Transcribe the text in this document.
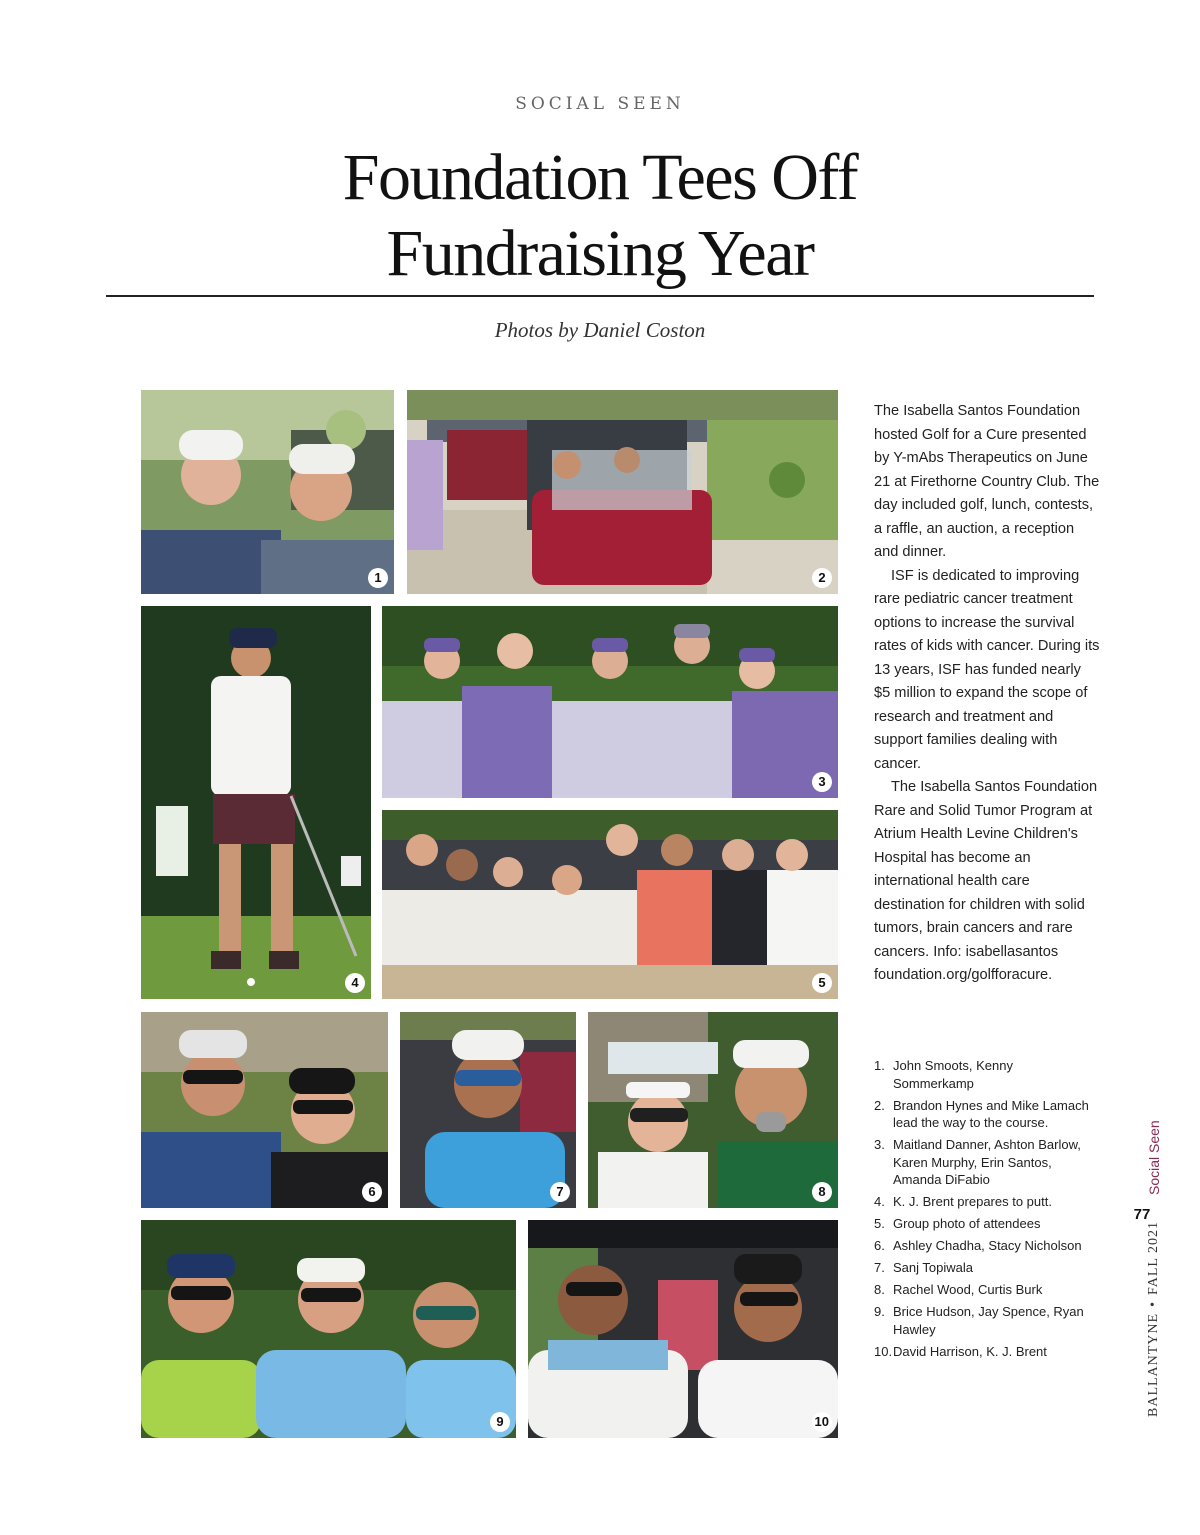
SOCIAL SEEN
Foundation Tees Off
Fundraising Year
Photos by Daniel Coston
1	2
3
4	5
6	7	8
9	10

The Isabella Santos Foundation hosted Golf for a Cure presented by Y-mAbs Therapeutics on June 21 at Firethorne Country Club. The day included golf, lunch, contests, a raffle, an auction, a reception and dinner.

ISF is dedicated to improving rare pediatric cancer treatment options to increase the survival rates of kids with cancer. During its 13 years, ISF has funded nearly $5 million to expand the scope of research and treatment and support families dealing with cancer.

The Isabella Santos Foundation Rare and Solid Tumor Program at Atrium Health Levine Children's Hospital has become an international health care destination for children with solid tumors, brain cancers and rare cancers. Info: isabellasantos foundation.org/golfforacure.

1. John Smoots, Kenny Sommerkamp
2. Brandon Hynes and Mike Lamach lead the way to the course.
3. Maitland Danner, Ashton Barlow, Karen Murphy, Erin Santos, Amanda DiFabio
4. K. J. Brent prepares to putt.
5. Group photo of attendees
6. Ashley Chadha, Stacy Nicholson
7. Sanj Topiwala
8. Rachel Wood, Curtis Burk
9. Brice Hudson, Jay Spence, Ryan Hawley
10. David Harrison, K. J. Brent	BALLANTYNE•FALL 2021
Social Seen
77
